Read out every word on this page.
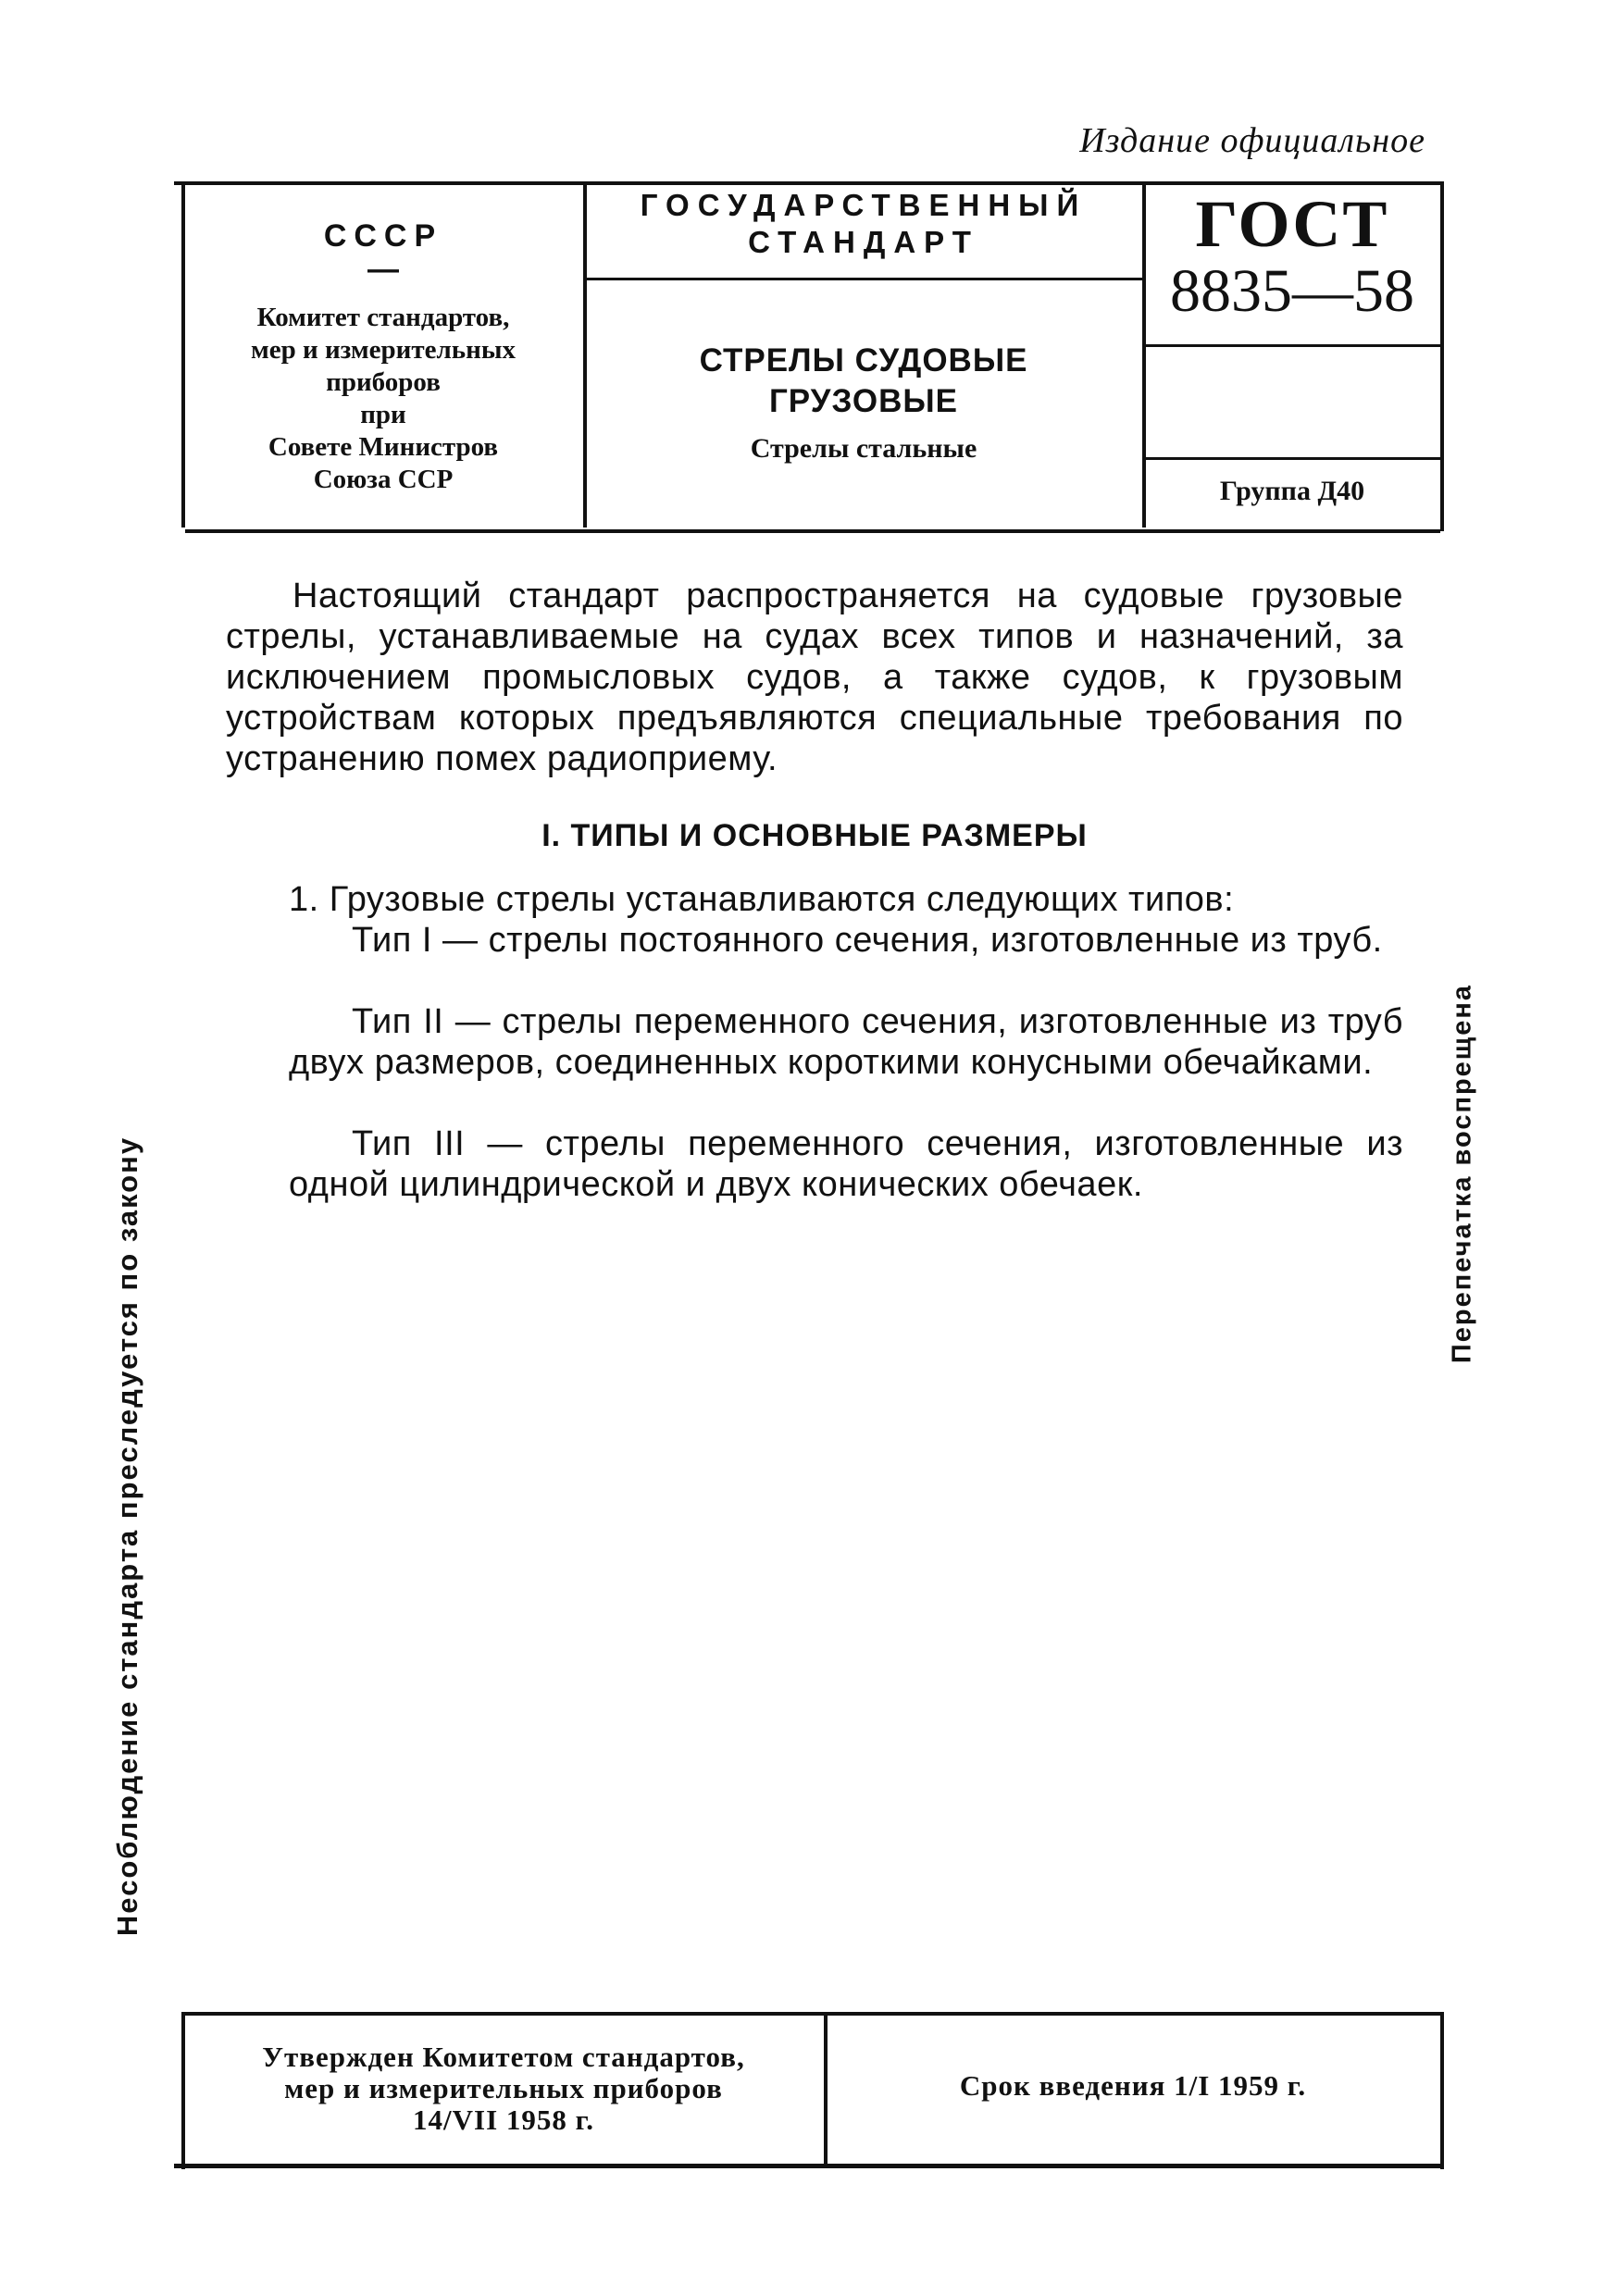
Издание официальное
СССР
—
Комитет стандартов,
мер и измерительных
приборов
при
Совете Министров
Союза ССР
ГОСУДАРСТВЕННЫЙ
СТАНДАРТ
СТРЕЛЫ СУДОВЫЕ
ГРУЗОВЫЕ
Стрелы стальные
ГОСТ
8835—58
Группа Д40
Настоящий стандарт распространяется на судовые грузовые стрелы, устанавливаемые на судах всех типов и назначений, за исключением промысловых судов, а также судов, к грузовым устройствам которых предъявляются специальные требования по устранению помех радиоприему.
I. ТИПЫ И ОСНОВНЫЕ РАЗМЕРЫ
1. Грузовые стрелы устанавливаются следующих типов:
Тип I — стрелы постоянного сечения, изготовленные из труб.
Тип II — стрелы переменного сечения, изготовленные из труб двух размеров, соединенных короткими конусными обечайками.
Тип III — стрелы переменного сечения, изготовленные из одной цилиндрической и двух конических обечаек.
Несоблюдение стандарта преследуется по закону	Перепечатка воспрещена
Утвержден Комитетом стандартов,
мер и измерительных приборов
14/VII 1958 г.
Срок введения 1/I 1959 г.
